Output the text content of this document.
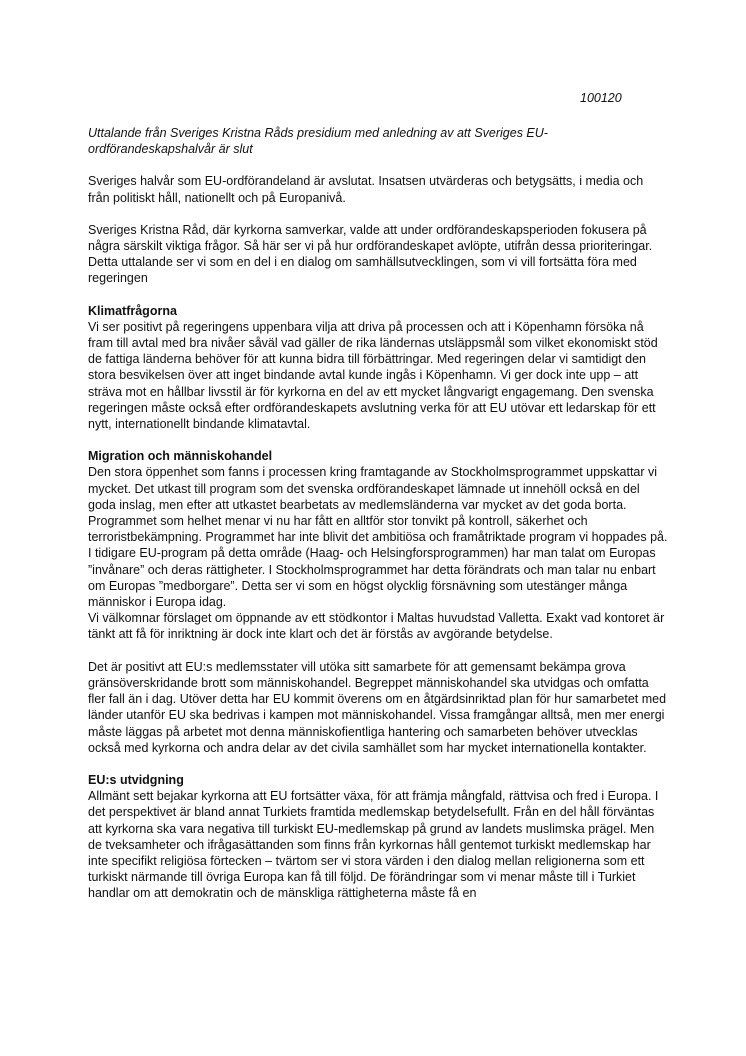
100120
Uttalande från Sveriges Kristna Råds presidium med anledning av att Sveriges EU-ordförandeskapshalvår är slut

Sveriges halvår som EU-ordförandeland är avslutat. Insatsen utvärderas och betygsätts, i media och från politiskt håll, nationellt och på Europanivå.

Sveriges Kristna Råd, där kyrkorna samverkar, valde att under ordförandeskapsperioden fokusera på några särskilt viktiga frågor. Så här ser vi på hur ordförandeskapet avlöpte, utifrån dessa prioriteringar. Detta uttalande ser vi som en del i en dialog om samhällsutvecklingen, som vi vill fortsätta föra med regeringen

Klimatfrågorna
Vi ser positivt på regeringens uppenbara vilja att driva på processen och att i Köpenhamn försöka nå fram till avtal med bra nivåer såväl vad gäller de rika ländernas utsläppsmål som vilket ekonomiskt stöd de fattiga länderna behöver för att kunna bidra till förbättringar. Med regeringen delar vi samtidigt den stora besvikelsen över att inget bindande avtal kunde ingås i Köpenhamn. Vi ger dock inte upp – att sträva mot en hållbar livsstil är för kyrkorna en del av ett mycket långvarigt engagemang. Den svenska regeringen måste också efter ordförandeskapets avslutning verka för att EU utövar ett ledarskap för ett nytt, internationellt bindande klimatavtal.
Migration och människohandel
Den stora öppenhet som fanns i processen kring framtagande av Stockholmsprogrammet uppskattar vi mycket. Det utkast till program som det svenska ordförandeskapet lämnade ut innehöll också en del goda inslag, men efter att utkastet bearbetats av medlemsländerna var mycket av det goda borta. Programmet som helhet menar vi nu har fått en alltför stor tonvikt på kontroll, säkerhet och terroristbekämpning. Programmet har inte blivit det ambitiösa och framåtriktade program vi hoppades på.
I tidigare EU-program på detta område (Haag- och Helsingforsprogrammen) har man talat om Europas ”invånare” och deras rättigheter. I Stockholmsprogrammet har detta förändrats och man talar nu enbart om Europas ”medborgare”. Detta ser vi som en högst olycklig försnävning som utestänger många människor i Europa idag.
Vi välkomnar förslaget om öppnande av ett stödkontor i Maltas huvudstad Valletta. Exakt vad kontoret är tänkt att få för inriktning är dock inte klart och det är förstås av avgörande betydelse.

Det är positivt att EU:s medlemsstater vill utöka sitt samarbete för att gemensamt bekämpa grova gränsöverskridande brott som människohandel. Begreppet människohandel ska utvidgas och omfatta fler fall än i dag. Utöver detta har EU kommit överens om en åtgärdsinriktad plan för hur samarbetet med länder utanför EU ska bedrivas i kampen mot människohandel. Vissa framgångar alltså, men mer energi måste läggas på arbetet mot denna människofientliga hantering och samarbeten behöver utvecklas också med kyrkorna och andra delar av det civila samhället som har mycket internationella kontakter.

EU:s utvidgning
Allmänt sett bejakar kyrkorna att EU fortsätter växa, för att främja mångfald, rättvisa och fred i Europa. I det perspektivet är bland annat Turkiets framtida medlemskap betydelsefullt. Från en del håll förväntas att kyrkorna ska vara negativa till turkiskt EU-medlemskap på grund av landets muslimska prägel. Men de tveksamheter och ifrågasättanden som finns från kyrkornas håll gentemot turkiskt medlemskap har inte specifikt religiösa förtecken – tvärtom ser vi stora värden i den dialog mellan religionerna som ett turkiskt närmande till övriga Europa kan få till följd. De förändringar som vi menar måste till i Turkiet handlar om att demokratin och de mänskliga rättigheterna måste få en
